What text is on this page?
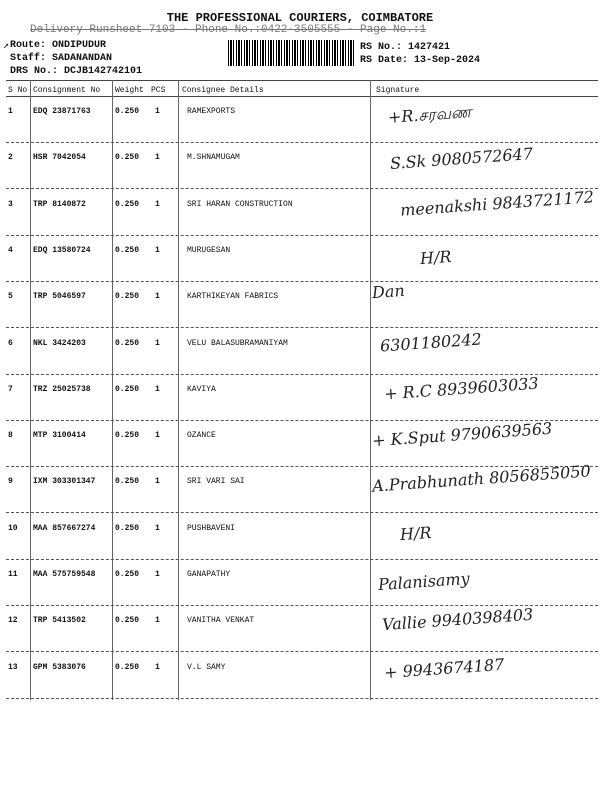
THE PROFESSIONAL COURIERS, COIMBATORE
Delivery Runsheet 7103 - Phone No.:0422-3505555 - Page No.:1
↗ Route: ONDIPUDUR
Staff: SADANANDAN
DRS No.: DCJB142742101
RS No.: 1427421
RS Date: 13-Sep-2024
S No Consignment No Weight PCS Consignee Details	Signature
1	EDQ 23871763	0.250 1	RAMEXPORTS	+R.சரவண
2	HSR 7042054	0.250 1	M.SHNAMUGAM	S.Sk 9080572647
3	TRP 8140872	0.250 1	SRI HARAN CONSTRUCTION	meenakshi 9843721172
4	EDQ 13580724	0.250 1	MURUGESAN	H/R
5	TRP 5046597	0.250 1	KARTHIKEYAN FABRICS	Dan
6	NKL 3424203	0.250 1	VELU BALASUBRAMANIYAM	6301180242
7	TRZ 25025738	0.250 1	KAVIYA	+ R.C 8939603033
8	MTP 3100414	0.250 1	OZANCE	+ K.Sput 9790639563
9	IXM 303301347 0.250 1	SRI VARI SAI	A.Prabhunath 8056855050
10 MAA 857667274 0.250 1	PUSHBAVENI	H/R
11 MAA 575759548 0.250 1	GANAPATHY	Palanisamy
12 TRP 5413502	0.250 1	VANITHA VENKAT	Vallie 9940398403
13 GPM 5383076	0.250 1	V.L SAMY	+ 9943674187
